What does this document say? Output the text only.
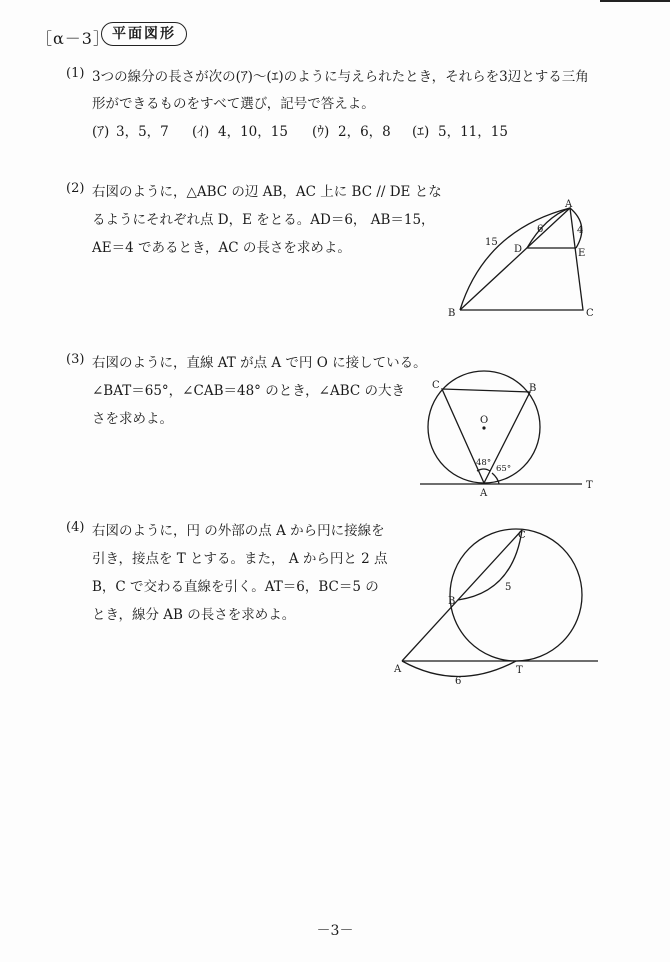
［α－3］ 平面図形
(1) 3つの線分の長さが次の(ｱ)～(ｴ)のように与えられたとき，それらを3辺とする三角
形ができるものをすべて選び，記号で答えよ。
(ｱ) 3，5，7 (ｲ) 4，10，15 (ｳ) 2，6，8 (ｴ) 5，11，15
(2) 右図のように，△ABC の辺 AB，AC 上に BC // DE とな
るようにそれぞれ点 D，E をとる。AD＝6， AB＝15，
AE＝4 であるとき，AC の長さを求めよ。
A
B	C
D	E
15
6	4
(3) 右図のように，直線 AT が点 A で円 O に接している。
∠BAT＝65°，∠CAB＝48° のとき，∠ABC の大き
さを求めよ。	O
C	B
A
T
48°
65°
(4) 右図のように，円 の外部の点 A から円に接線を
引き，接点を T とする。また， A から円と 2 点
B，C で交わる直線を引く。AT＝6，BC＝5 の
とき，線分 AB の長さを求めよ。
C
B
A	T
5
6
－3－
